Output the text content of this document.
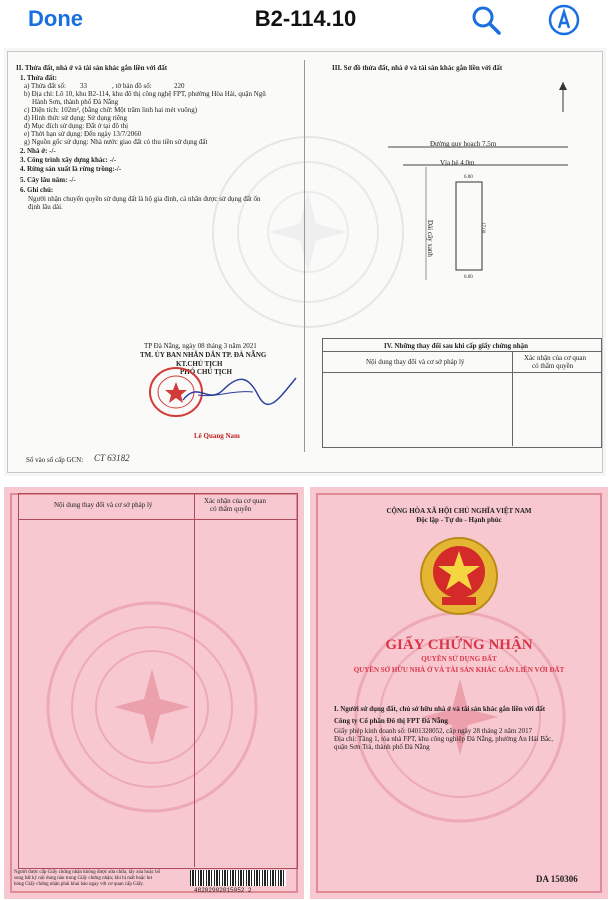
Done	B2-114.10
II. Thửa đất, nhà ở và tài sản khác gắn liền với đất
1. Thửa đất:
a) Thửa đất số: 33	, tờ bản đồ số:	220
b) Địa chỉ: Lô 10, khu B2-114, khu đô thị công nghệ FPT, phường Hòa Hải, quận Ngũ
Hành Sơn, thành phố Đà Nẵng
c) Diện tích: 102m², (bằng chữ: Một trăm linh hai mét vuông)
d) Hình thức sử dụng: Sử dụng riêng
đ) Mục đích sử dụng: Đất ở tại đô thị
e) Thời hạn sử dụng: Đến ngày 13/7/2060
g) Nguồn gốc sử dụng: Nhà nước giao đất có thu tiền sử dụng đất
2. Nhà ở: -/-
3. Công trình xây dựng khác: -/-
4. Rừng sản xuất là rừng trồng:-/-
5. Cây lâu năm: -/-
6. Ghi chú:
Người nhận chuyển quyền sử dụng đất là hộ gia đình, cá nhân được sử dụng đất ổn
định lâu dài.
TP Đà Nẵng, ngày 08 tháng 3 năm 2021
TM. ỦY BAN NHÂN DÂN TP. ĐÀ NẴNG
KT.CHỦ TỊCH
PHÓ CHỦ TỊCH
Lê Quang Nam
Số vào sổ cấp GCN: CT 63182
III. Sơ đồ thửa đất, nhà ở và tài sản khác gắn liền với đất
Đường quy hoạch 7.5m
Vỉa hè 4.0m
Dải cây xanh
6.00
6.00
17.00
IV. Những thay đổi sau khi cấp giấy chứng nhận
Nội dung thay đổi và cơ sở pháp lý	Xác nhận của cơ quan
có thẩm quyền
Nội dung thay đổi và cơ sở pháp lý	Xác nhận của cơ quan
có thẩm quyền
Người được cấp Giấy chứng nhận không được sửa chữa, tẩy xóa hoặc bổ
sung bất kỳ nội dung nào trong Giấy chứng nhận; khi bị mất hoặc hư
hỏng Giấy chứng nhận phải khai báo ngay với cơ quan cấp Giấy.
48202902015052 2
CỘNG HÒA XÃ HỘI CHỦ NGHĨA VIỆT NAM
Độc lập - Tự do - Hạnh phúc
GIẤY CHỨNG NHẬN
QUYỀN SỬ DỤNG ĐẤT
QUYỀN SỞ HỮU NHÀ Ở VÀ TÀI SẢN KHÁC GẮN LIỀN VỚI ĐẤT
I. Người sử dụng đất, chủ sở hữu nhà ở và tài sản khác gắn liền với đất
Công ty Cổ phần Đô thị FPT Đà Nẵng
Giấy phép kinh doanh số: 0401328052, cấp ngày 28 tháng 2 năm 2017
Địa chỉ: Tầng 1, tòa nhà FPT, khu công nghiệp Đà Nẵng, phường An Hải Bắc,
quận Sơn Trà, thành phố Đà Nẵng
DA 150306
